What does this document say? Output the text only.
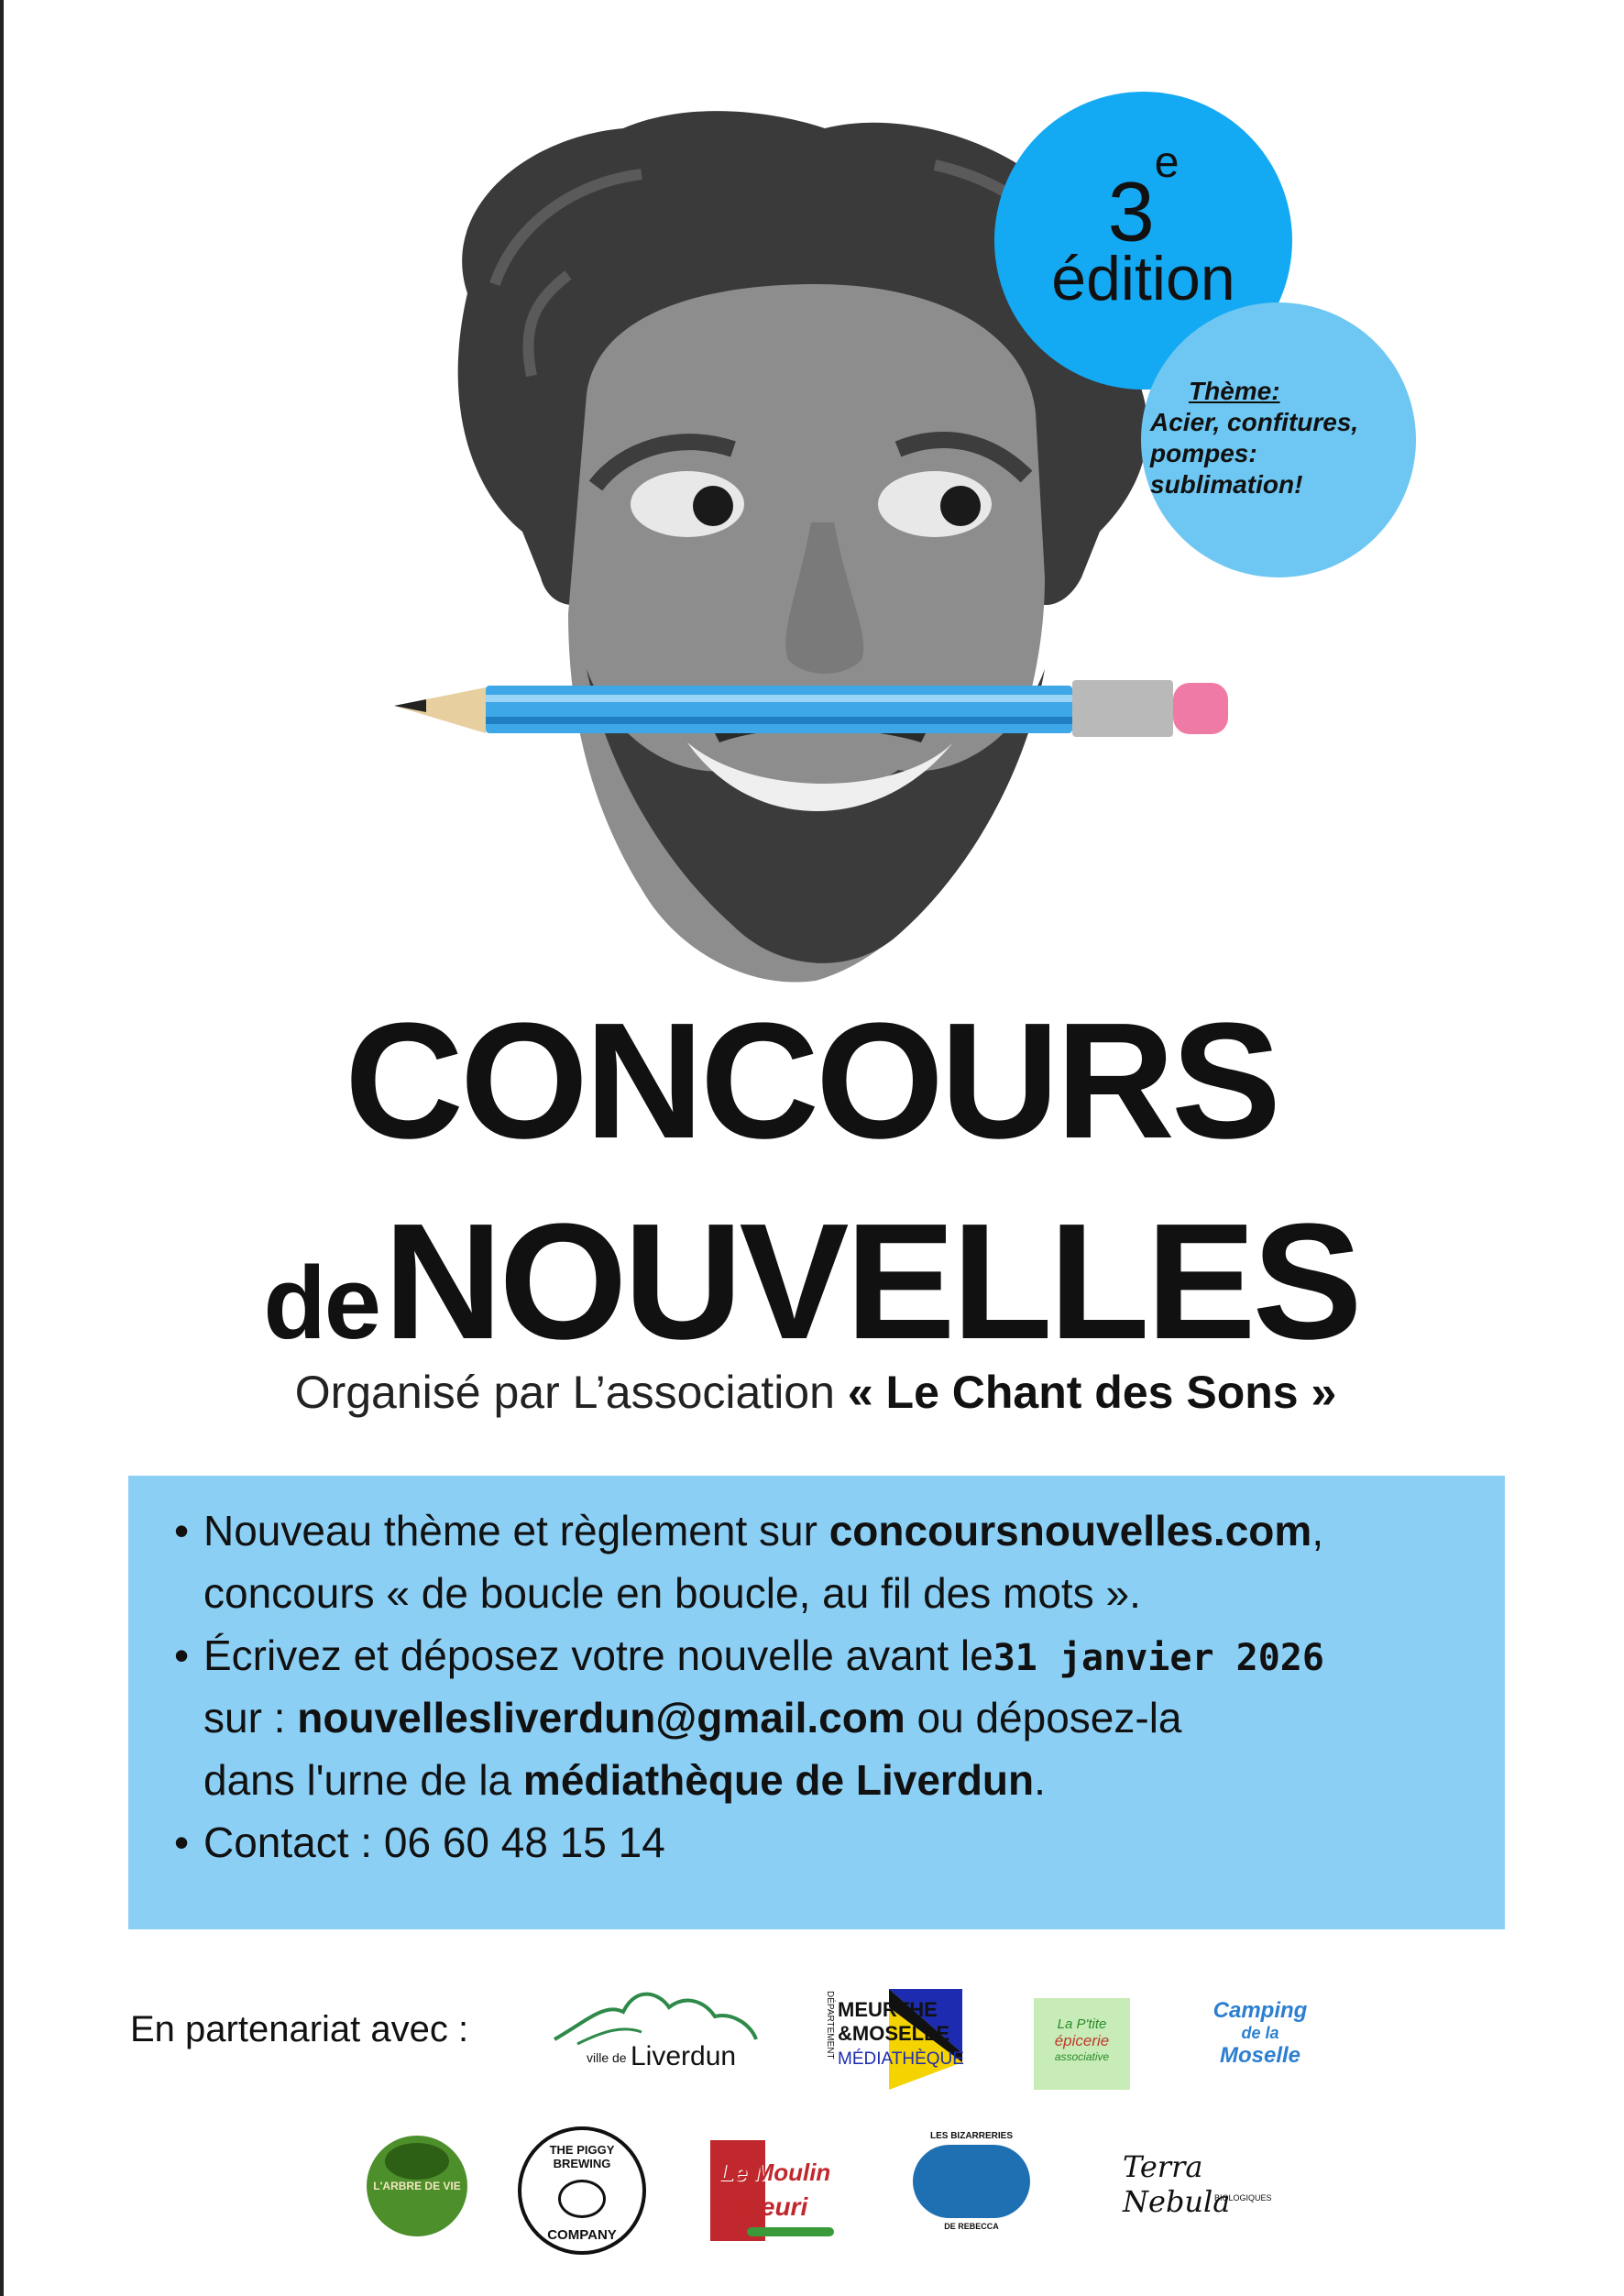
3e
édition
Thème:
Acier, confitures,
pompes:
sublimation!
CONCOURS
de NOUVELLES
Organisé par L’association « Le Chant des Sons »
• Nouveau thème et règlement sur concoursnouvelles.com,
concours « de boucle en boucle, au fil des mots ».
• Écrivez et déposez votre nouvelle avant le31 janvier 2026
sur : nouvellesliverdun@gmail.com ou déposez-la
dans l'urne de la médiathèque de Liverdun.
• Contact : 06 60 48 15 14
En partenariat avec :
ville de Liverdun	DÉPARTEMENT MEURTHE
&MOSELLE
MÉDIATHÈQUE
La P'tite
épicerie
associative
Camping
de la
Moselle
L'ARBRE DE VIE
THE PIGGY BREWING
COMPANY
Le Moulin
Fleuri
LES BIZARRERIES
DE REBECCA
Terra Nebula
BIOLOGIQUES
